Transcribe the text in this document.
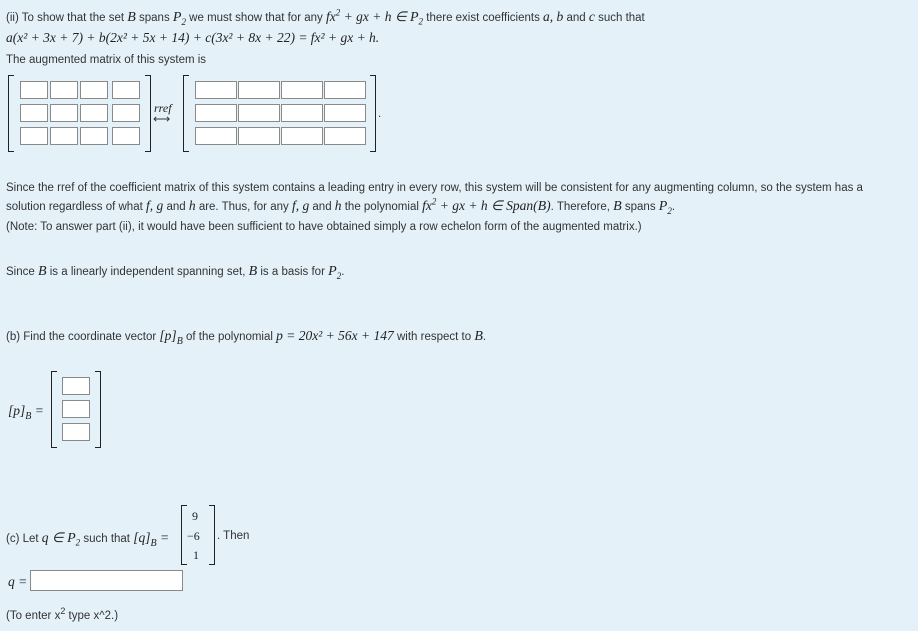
(ii) To show that the set B spans $P_2$ we must show that for any $fx^2$ + gx + h ∈ $P_2$ there exist coefficients a, b and c such that
a(x² + 3x + 7) + b(2x² + 5x + 14) + c(3x² + 8x + 22) = fx² + gx + h.
The augmented matrix of this system is
rref
⟷	.
Since the rref of the coefficient matrix of this system contains a leading entry in every row, this system will be consistent for any augmenting column, so the system has a
solution regardless of what f, g and h are. Thus, for any f, g and h the polynomial $fx^2$ + gx + h ∈ Span(B). Therefore, B spans $P_2$.
(Note: To answer part (ii), it would have been sufficient to have obtained simply a row echelon form of the augmented matrix.)
Since B is a linearly independent spanning set, B is a basis for $P_2$.
(b) Find the coordinate vector $[p]_B$ of the polynomial p = 20x² + 56x + 147 with respect to B.
$[p]_B$ =
(c) Let q ∈ $P_2$ such that $[q]_B$ =
9
−6
1
. Then
q =
(To enter $x^2$ type x^2.)
